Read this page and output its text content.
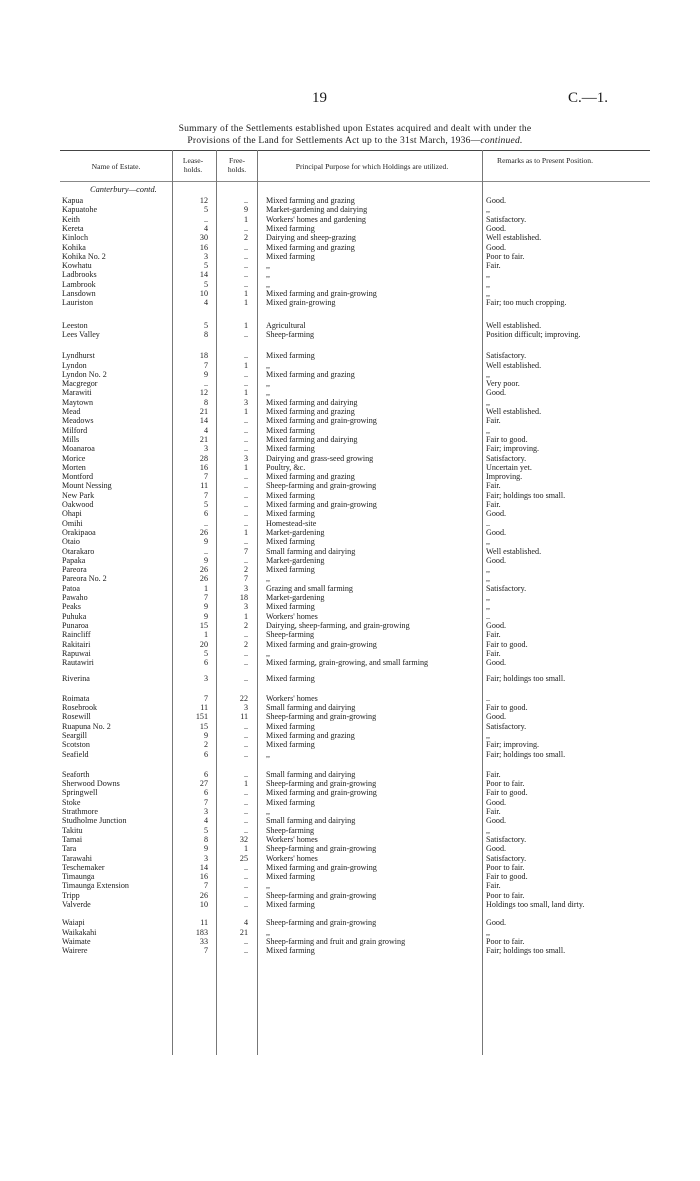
19	C.—1.
Summary of the Settlements established upon Estates acquired and dealt with under the
Provisions of the Land for Settlements Act up to the 31st March, 1936—continued.
Name of Estate.
Lease-holds.
Free-holds.	Principal Purpose for which Holdings are utilized.
Remarks as to Present Position.
Canterbury—contd.
Kapua	12	.. Mixed farming and grazing	Good.
Kapuatohe	5	9 Market-gardening and dairying	,,
Keith	..	1 Workers' homes and gardening	Satisfactory.
Kereta	4	.. Mixed farming	Good.
Kinloch	30	2 Dairying and sheep-grazing	Well established.
Kohika	16	.. Mixed farming and grazing	Good.
Kohika No. 2	3	.. Mixed farming	Poor to fair.
Kowhatu	5	.. ,,	Fair.
Ladbrooks	14	.. ,,	,,
Lambrook	5	.. ,,	,,
Lansdown	10	1 Mixed farming and grain-growing	,,
Lauriston	4	1 Mixed grain-growing	Fair; too much cropping.
Leeston	5	1 Agricultural	Well established.
Lees Valley	8	.. Sheep-farming	Position difficult; improving.
Lyndhurst	18	.. Mixed farming	Satisfactory.
Lyndon	7	1 ,,	Well established.
Lyndon No. 2	9	.. Mixed farming and grazing	,,
Macgregor	..	.. ,,	Very poor.
Marawiti	12	1 ,,	Good.
Maytown	8	3 Mixed farming and dairying	,,
Mead	21	1 Mixed farming and grazing	Well established.
Meadows	14	.. Mixed farming and grain-growing	Fair.
Milford	4	.. Mixed farming	,,
Mills	21	.. Mixed farming and dairying	Fair to good.
Moanaroa	3	.. Mixed farming	Fair; improving.
Morice	28	3 Dairying and grass-seed growing	Satisfactory.
Morten	16	1 Poultry, &c.	Uncertain yet.
Montford	7	.. Mixed farming and grazing	Improving.
Mount Nessing	11	.. Sheep-farming and grain-growing	Fair.
New Park	7	.. Mixed farming	Fair; holdings too small.
Oakwood	5	.. Mixed farming and grain-growing	Fair.
Ohapi	6	.. Mixed farming	Good.
Omihi	..	.. Homestead-site	..
Orakipaoa	26	1 Market-gardening	Good.
Otaio	9	.. Mixed farming	,,
Otarakaro	..	7 Small farming and dairying	Well established.
Papaka	9	.. Market-gardening	Good.
Pareora	26	2 Mixed farming	,,
Pareora No. 2	26	7 ,,	,,
Patoa	1	3 Grazing and small farming	Satisfactory.
Pawaho	7	18 Market-gardening	,,
Peaks	9	3 Mixed farming	,,
Puhuka	9	1 Workers' homes	..
Punaroa	15	2 Dairying, sheep-farming, and grain-growing	Good.
Raincliff	1	.. Sheep-farming	Fair.
Rakitairi	20	2 Mixed farming and grain-growing	Fair to good.
Rapuwai	5	.. ,,	Fair.
Rautawiri	6	.. Mixed farming, grain-growing, and small farming	Good.
Riverina	3	.. Mixed farming	Fair; holdings too small.
Roimata	7	22 Workers' homes	..
Rosebrook	11	3 Small farming and dairying	Fair to good.
Rosewill	151	11 Sheep-farming and grain-growing	Good.
Ruapuna No. 2	15	.. Mixed farming	Satisfactory.
Seargill	9	.. Mixed farming and grazing	,,
Scotston	2	.. Mixed farming	Fair; improving.
Seafield	6	.. ,,	Fair; holdings too small.
Seaforth	6	.. Small farming and dairying	Fair.
Sherwood Downs	27	1 Sheep-farming and grain-growing	Poor to fair.
Springwell	6	.. Mixed farming and grain-growing	Fair to good.
Stoke	7	.. Mixed farming	Good.
Strathmore	3	.. ,,	Fair.
Studholme Junction	4	.. Small farming and dairying	Good.
Takitu	5	.. Sheep-farming	,,
Tamai	8	32 Workers' homes	Satisfactory.
Tara	9	1 Sheep-farming and grain-growing	Good.
Tarawahi	3	25 Workers' homes	Satisfactory.
Teschemaker	14	.. Mixed farming and grain-growing	Poor to fair.
Timaunga	16	.. Mixed farming	Fair to good.
Timaunga Extension	7	.. ,,	Fair.
Tripp	26	.. Sheep-farming and grain-growing	Poor to fair.
Valverde	10	.. Mixed farming	Holdings too small, land dirty.
Waiapi	11	4 Sheep-farming and grain-growing	Good.
Waikakahi	183	21 ,,	,,
Waimate	33	.. Sheep-farming and fruit and grain growing	Poor to fair.
Wairere	7	.. Mixed farming	Fair; holdings too small.
